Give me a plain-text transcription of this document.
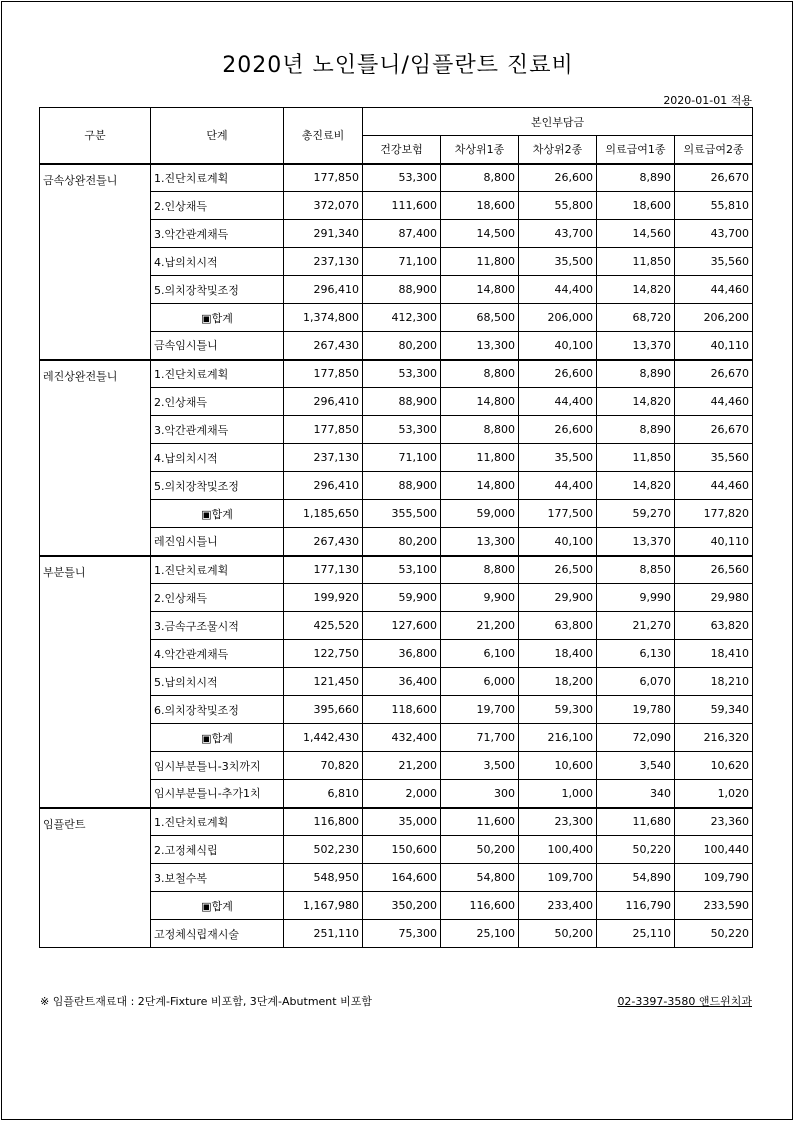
2020년 노인틀니/임플란트 진료비
2020-01-01 적용
구분	단계	총진료비	본인부담금				
			건강보험	차상위1종	차상위2종	의료급여1종	의료급여2종
금속상완전틀니	1.진단치료계획	177,850	53,300	8,800	26,600	8,890	26,670
	2.인상채득	372,070	111,600	18,600	55,800	18,600	55,810
	3.악간관계채득	291,340	87,400	14,500	43,700	14,560	43,700
	4.납의치시적	237,130	71,100	11,800	35,500	11,850	35,560
	5.의치장착및조정	296,410	88,900	14,800	44,400	14,820	44,460
	▣합계	1,374,800	412,300	68,500	206,000	68,720	206,200
	금속임시틀니	267,430	80,200	13,300	40,100	13,370	40,110
레진상완전틀니	1.진단치료계획	177,850	53,300	8,800	26,600	8,890	26,670
	2.인상채득	296,410	88,900	14,800	44,400	14,820	44,460
	3.악간관계채득	177,850	53,300	8,800	26,600	8,890	26,670
	4.납의치시적	237,130	71,100	11,800	35,500	11,850	35,560
	5.의치장착및조정	296,410	88,900	14,800	44,400	14,820	44,460
	▣합계	1,185,650	355,500	59,000	177,500	59,270	177,820
	레진임시틀니	267,430	80,200	13,300	40,100	13,370	40,110
부분틀니	1.진단치료계획	177,130	53,100	8,800	26,500	8,850	26,560
	2.인상채득	199,920	59,900	9,900	29,900	9,990	29,980
	3.금속구조물시적	425,520	127,600	21,200	63,800	21,270	63,820
	4.악간관계채득	122,750	36,800	6,100	18,400	6,130	18,410
	5.납의치시적	121,450	36,400	6,000	18,200	6,070	18,210
	6.의치장착및조정	395,660	118,600	19,700	59,300	19,780	59,340
	▣합계	1,442,430	432,400	71,700	216,100	72,090	216,320
	임시부분틀니-3치까지	70,820	21,200	3,500	10,600	3,540	10,620
	임시부분틀니-추가1치	6,810	2,000	300	1,000	340	1,020
임플란트	1.진단치료계획	116,800	35,000	11,600	23,300	11,680	23,360
	2.고정체식립	502,230	150,600	50,200	100,400	50,220	100,440
	3.보철수복	548,950	164,600	54,800	109,700	54,890	109,790
	▣합계	1,167,980	350,200	116,600	233,400	116,790	233,590
	고정체식립재시술	251,110	75,300	25,100	50,200	25,110	50,220
※ 임플란트재료대 : 2단계-Fixture 비포함, 3단계-Abutment 비포함	02-3397-3580 앤드윈치과
